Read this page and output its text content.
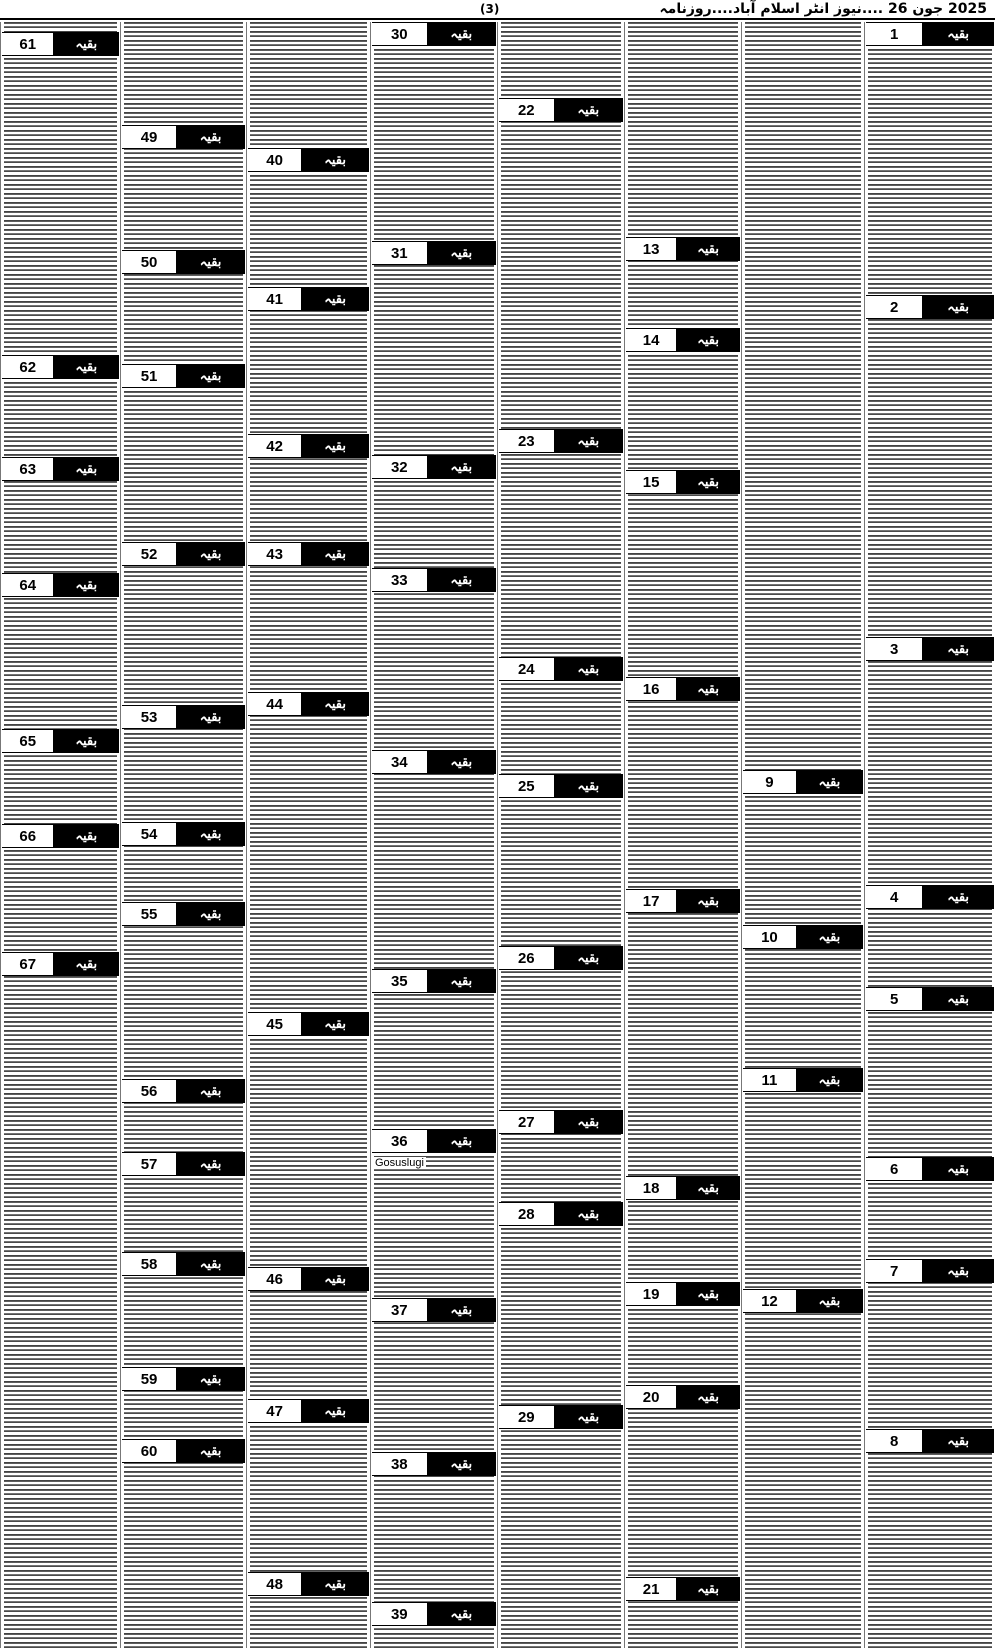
2025 جون 26 ....نیوز انٹر اسلام آباد....روزنامہ
(3)
1	بقیہ
2	بقیہ
3	بقیہ
4	بقیہ
5	بقیہ
6	بقیہ
7	بقیہ
8	بقیہ
9	بقیہ
10	بقیہ
11	بقیہ
12	بقیہ
13	بقیہ
14	بقیہ
15	بقیہ
16	بقیہ
17	بقیہ
18	بقیہ
19	بقیہ
20	بقیہ
21	بقیہ
22	بقیہ
23	بقیہ
24	بقیہ
25	بقیہ
26	بقیہ
27	بقیہ
28	بقیہ
29	بقیہ
30	بقیہ
31	بقیہ
32	بقیہ
33	بقیہ
34	بقیہ
35	بقیہ
36	بقیہ
37	بقیہ
38	بقیہ
39	بقیہ
Gosuslugi
40	بقیہ
41	بقیہ
42	بقیہ
43	بقیہ
44	بقیہ
45	بقیہ
46	بقیہ
47	بقیہ
48	بقیہ
49	بقیہ
50	بقیہ
51	بقیہ
52	بقیہ
53	بقیہ
54	بقیہ
55	بقیہ
56	بقیہ
57	بقیہ
58	بقیہ
59	بقیہ
60	بقیہ
61	بقیہ
62	بقیہ
63	بقیہ
64	بقیہ
65	بقیہ
66	بقیہ
67	بقیہ
